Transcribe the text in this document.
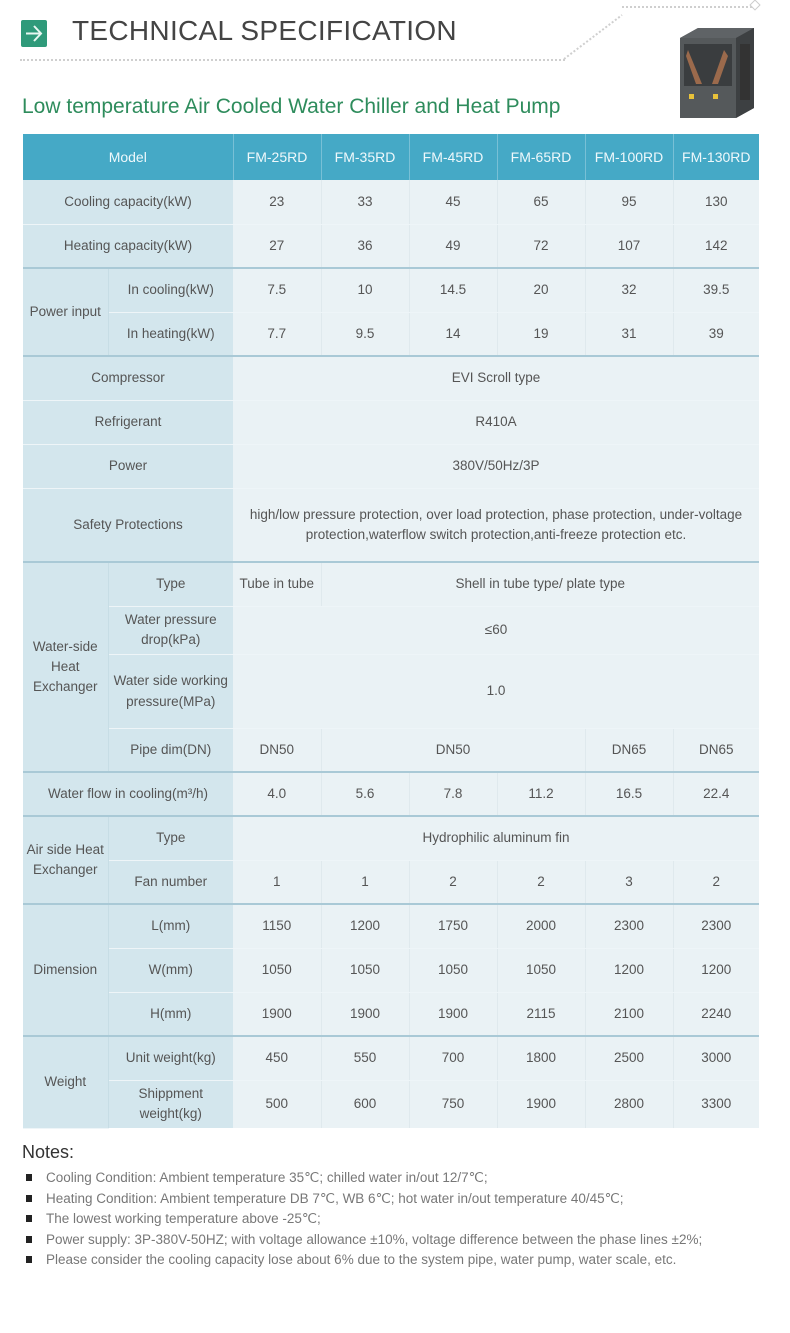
TECHNICAL SPECIFICATION
Low temperature Air Cooled Water Chiller and Heat Pump
Model		FM-25RD	FM-35RD	FM-45RD	FM-65RD	FM-100RD	FM-130RD
Cooling capacity(kW)		23	33	45	65	95	130
Heating capacity(kW)		27	36	49	72	107	142
Power input	In cooling(kW)	7.5	10	14.5	20	32	39.5
	In heating(kW)	7.7	9.5	14	19	31	39
Compressor		EVI Scroll type					
Refrigerant		R410A					
Power		380V/50Hz/3P					
Safety Protections		high/low pressure protection, over load protection, phase protection, under-voltage protection,waterflow switch protection,anti-freeze protection etc.					
Water-side Heat Exchanger	Type	Tube in tube	Shell in tube type/ plate type				
	Water pressure drop(kPa)	≤60					
	Water side working pressure(MPa)	1.0					
	Pipe dim(DN)	DN50	DN50			DN65	DN65
Water flow in cooling(m³/h)		4.0	5.6	7.8	11.2	16.5	22.4
Air side Heat Exchanger	Type	Hydrophilic aluminum fin					
	Fan number	1	1	2	2	3	2
Dimension	L(mm)	1150	1200	1750	2000	2300	2300
	W(mm)	1050	1050	1050	1050	1200	1200
	H(mm)	1900	1900	1900	2115	2100	2240
Weight	Unit weight(kg)	450	550	700	1800	2500	3000
	Shippment weight(kg)	500	600	750	1900	2800	3300
Notes:
Cooling Condition: Ambient temperature 35℃; chilled water in/out 12/7℃;
Heating Condition: Ambient temperature DB 7℃, WB 6℃; hot water in/out temperature 40/45℃;
The lowest working temperature above -25℃;
Power supply: 3P-380V-50HZ; with voltage allowance ±10%, voltage difference between the phase lines ±2%;
Please consider the cooling capacity lose about 6% due to the system pipe, water pump, water scale, etc.
